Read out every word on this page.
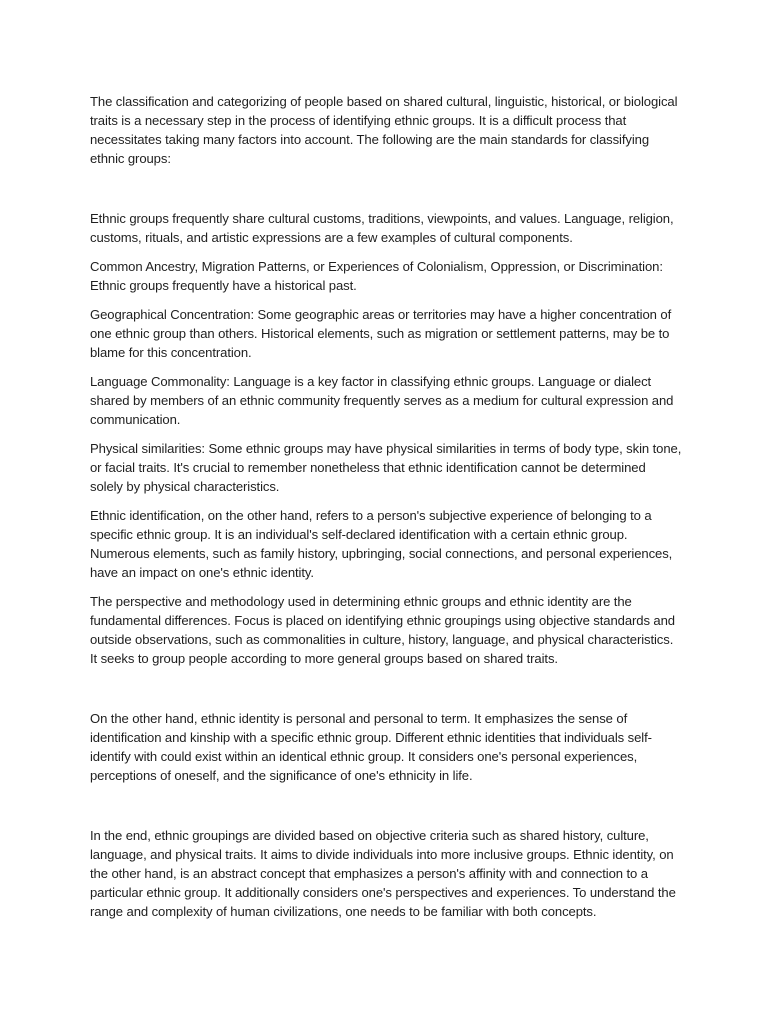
The classification and categorizing of people based on shared cultural, linguistic, historical, or biological traits is a necessary step in the process of identifying ethnic groups. It is a difficult process that necessitates taking many factors into account. The following are the main standards for classifying ethnic groups:

Ethnic groups frequently share cultural customs, traditions, viewpoints, and values. Language, religion, customs, rituals, and artistic expressions are a few examples of cultural components.

Common Ancestry, Migration Patterns, or Experiences of Colonialism, Oppression, or Discrimination: Ethnic groups frequently have a historical past.

Geographical Concentration: Some geographic areas or territories may have a higher concentration of one ethnic group than others. Historical elements, such as migration or settlement patterns, may be to blame for this concentration.

Language Commonality: Language is a key factor in classifying ethnic groups. Language or dialect shared by members of an ethnic community frequently serves as a medium for cultural expression and communication.

Physical similarities: Some ethnic groups may have physical similarities in terms of body type, skin tone, or facial traits. It's crucial to remember nonetheless that ethnic identification cannot be determined solely by physical characteristics.

Ethnic identification, on the other hand, refers to a person's subjective experience of belonging to a specific ethnic group. It is an individual's self-declared identification with a certain ethnic group. Numerous elements, such as family history, upbringing, social connections, and personal experiences, have an impact on one's ethnic identity.

The perspective and methodology used in determining ethnic groups and ethnic identity are the fundamental differences. Focus is placed on identifying ethnic groupings using objective standards and outside observations, such as commonalities in culture, history, language, and physical characteristics. It seeks to group people according to more general groups based on shared traits.

On the other hand, ethnic identity is personal and personal to term. It emphasizes the sense of identification and kinship with a specific ethnic group. Different ethnic identities that individuals self-identify with could exist within an identical ethnic group. It considers one's personal experiences, perceptions of oneself, and the significance of one's ethnicity in life.

In the end, ethnic groupings are divided based on objective criteria such as shared history, culture, language, and physical traits. It aims to divide individuals into more inclusive groups. Ethnic identity, on the other hand, is an abstract concept that emphasizes a person's affinity with and connection to a particular ethnic group. It additionally considers one's perspectives and experiences. To understand the range and complexity of human civilizations, one needs to be familiar with both concepts.
